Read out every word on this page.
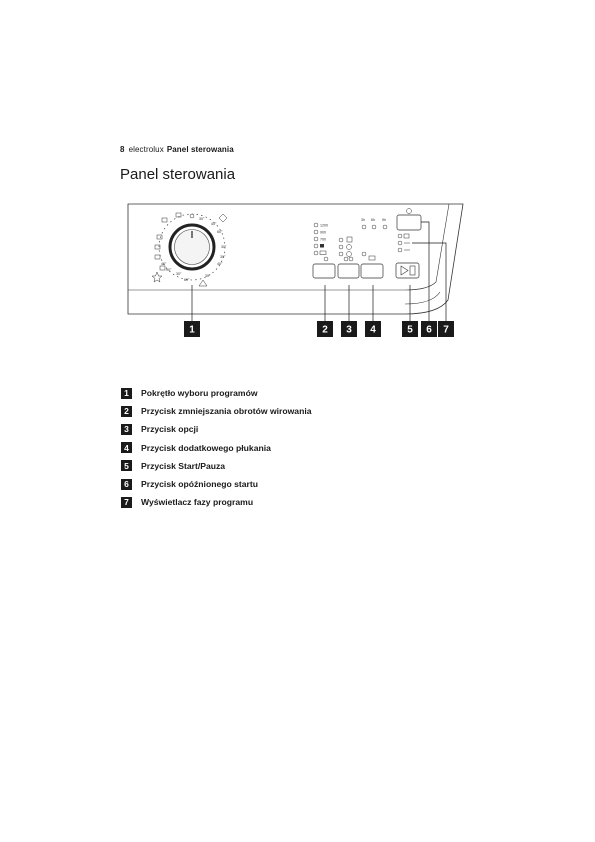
8 electrolux Panel sterowania
Panel sterowania
30°
40°
60°
30°
30°
40°
30°
60°
30°
40°
90°
1200
900
700
3h 6h 9h
1	2 3 4	5 6 7
1	Pokrętło wyboru programów
2	Przycisk zmniejszania obrotów wirowania
3	Przycisk opcji
4	Przycisk dodatkowego płukania
5	Przycisk Start/Pauza
6	Przycisk opóźnionego startu
7	Wyświetlacz fazy programu
